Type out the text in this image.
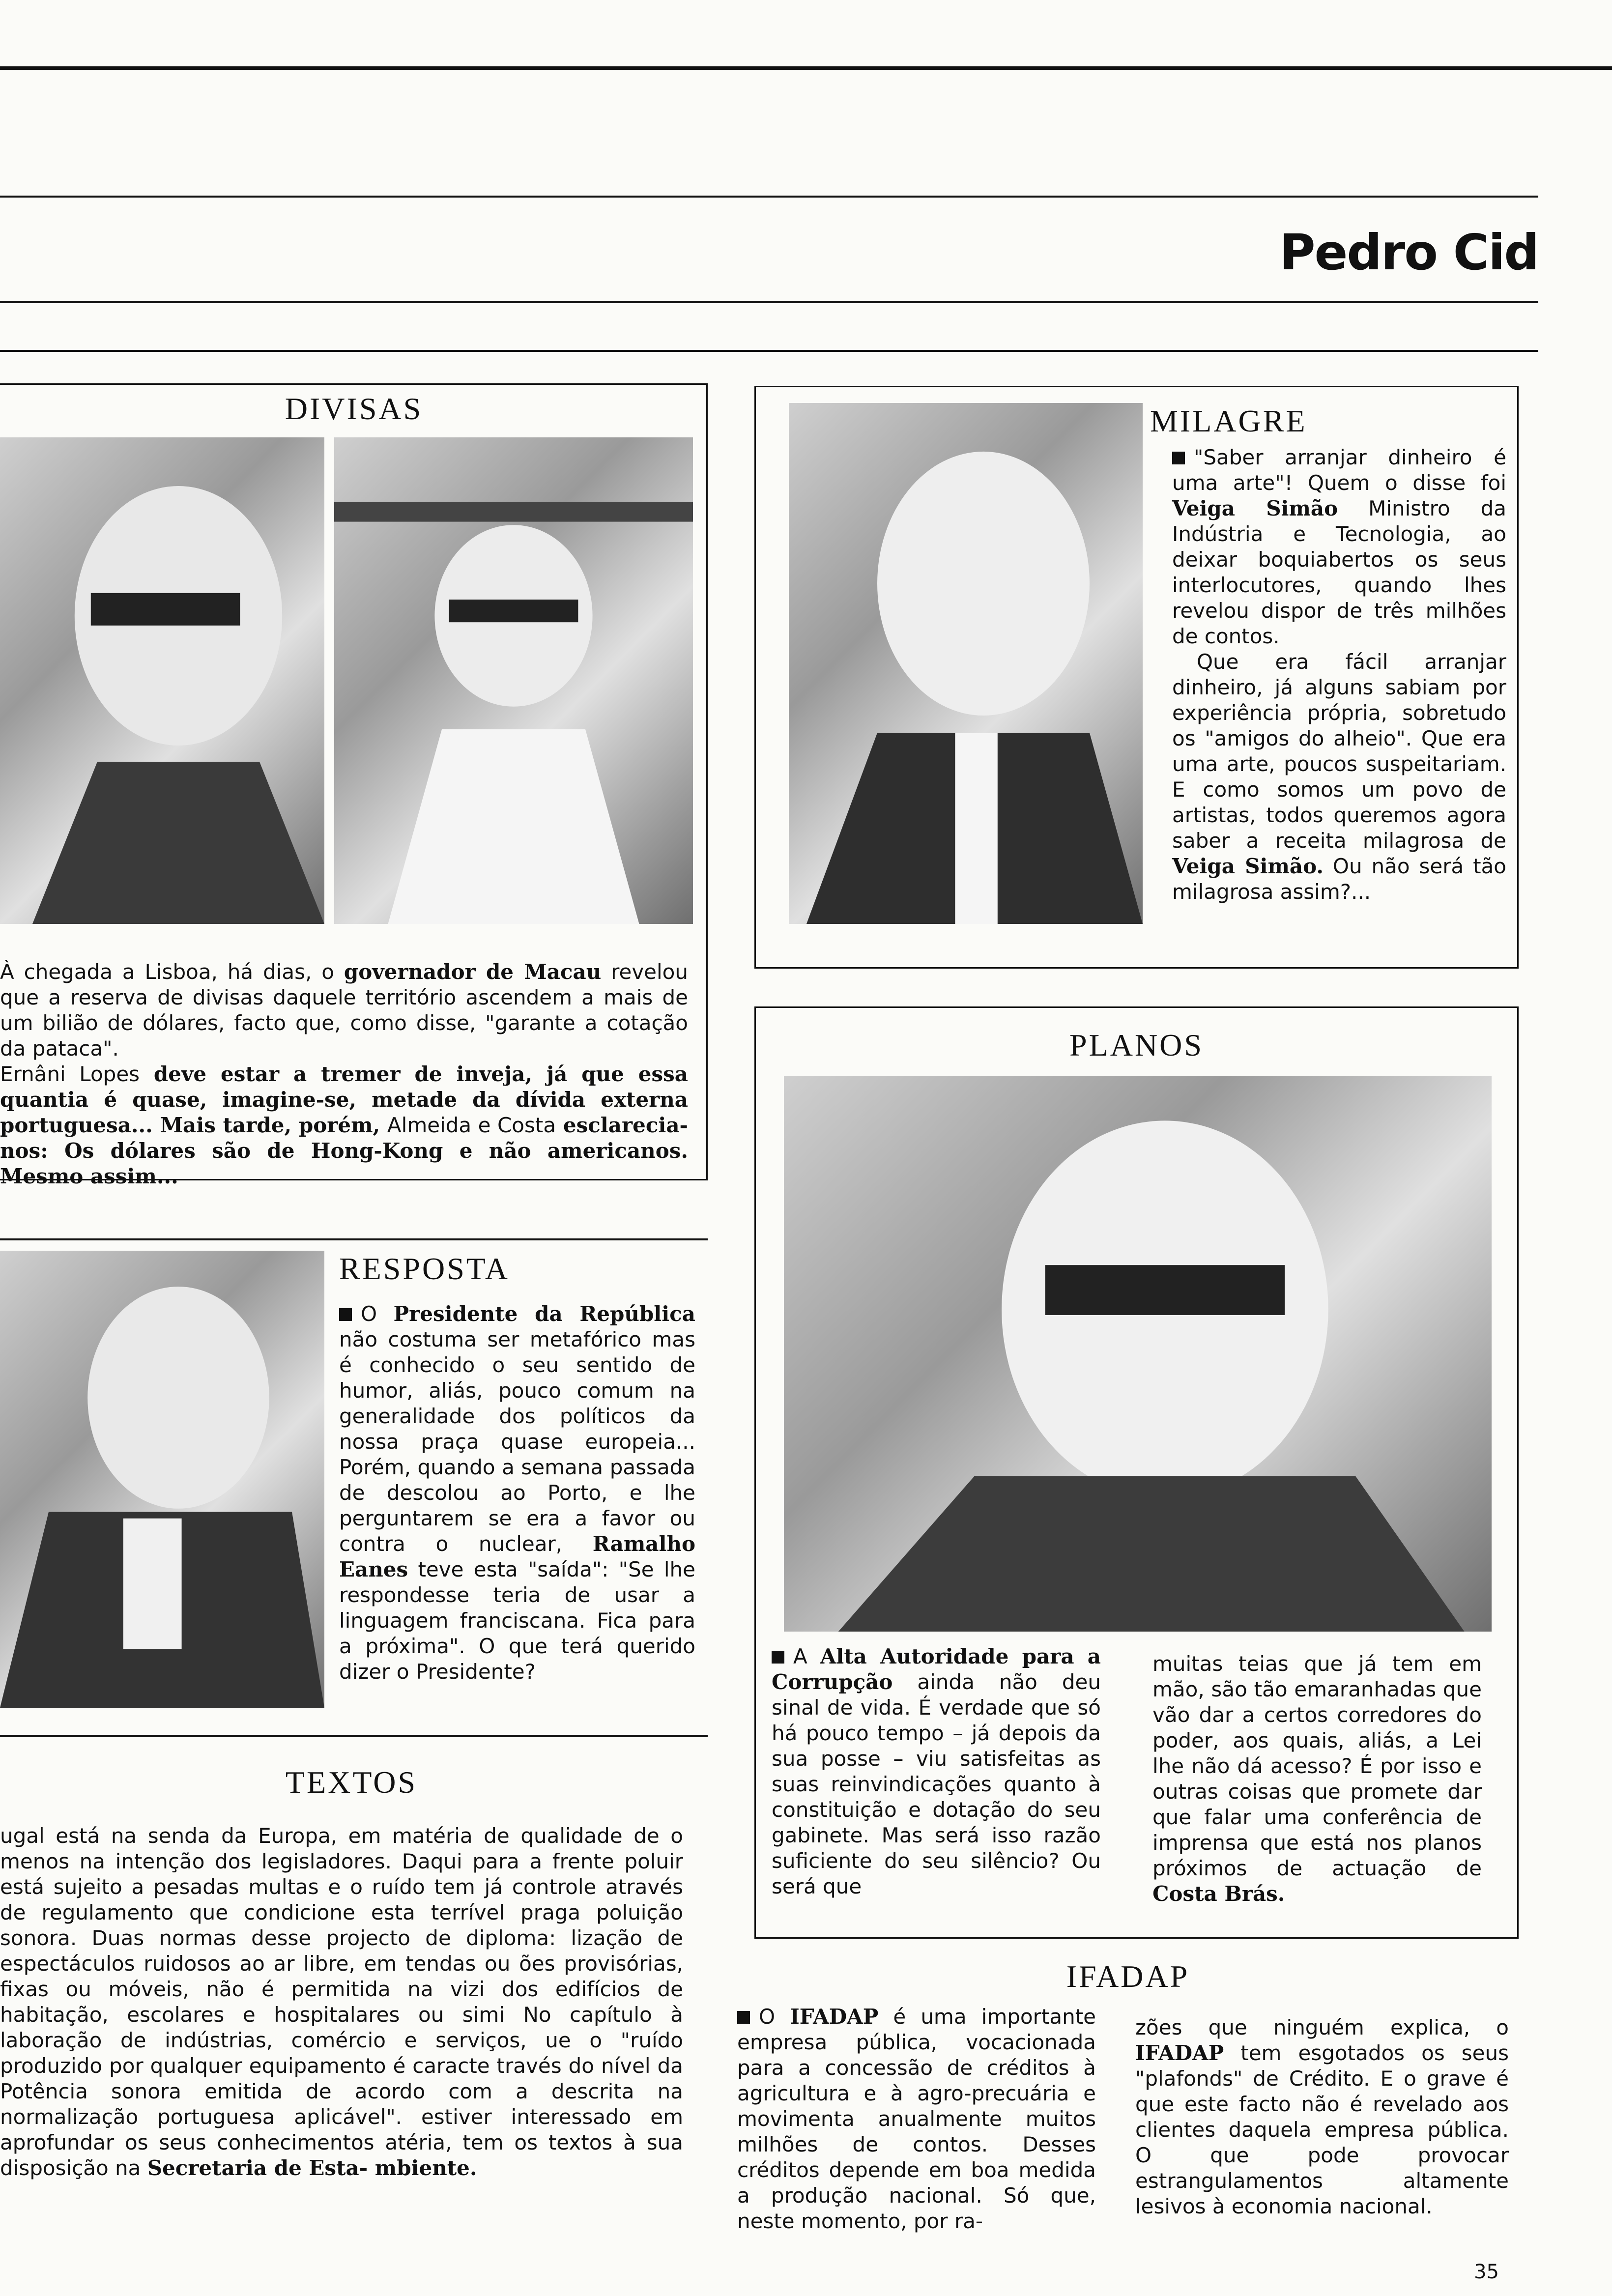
Pedro Cid
DIVISAS

À chegada a Lisboa, há dias, o governador de Macau revelou que a reserva de divisas daquele território ascendem a mais de um bilião de dólares, facto que, como disse, "garante a cotação da pataca".

Ernâni Lopes deve estar a tremer de inveja, já que essa quantia é quase, imagine-se, metade da dívida externa portuguesa... Mais tarde, porém, Almeida e Costa esclarecia-nos: Os dólares são de Hong-Kong e não americanos. Mesmo assim...

MILAGRE

"Saber arranjar dinheiro é uma arte"! Quem o disse foi Veiga Simão Ministro da Indústria e Tecnologia, ao deixar boquiabertos os seus interlocutores, quando lhes revelou dispor de três milhões de contos.

Que era fácil arranjar dinheiro, já alguns sabiam por experiência própria, sobretudo os "amigos do alheio". Que era uma arte, poucos suspeitariam. E como somos um povo de artistas, todos queremos agora saber a receita milagrosa de Veiga Simão. Ou não será tão milagrosa assim?...

PLANOS
A Alta Autoridade para a Corrupção ainda não deu sinal de vida. É verdade que só há pouco tempo – já depois da sua posse – viu satisfeitas as suas reinvindicações quanto à constituição e dotação do seu gabinete. Mas será isso razão suficiente do seu silêncio? Ou será que
muitas teias que já tem em mão, são tão emaranhadas que vão dar a certos corredores do poder, aos quais, aliás, a Lei lhe não dá acesso? É por isso e outras coisas que promete dar que falar uma conferência de imprensa que está nos planos próximos de actuação de Costa Brás.
RESPOSTA

O Presidente da República não costuma ser metafórico mas é conhecido o seu sentido de humor, aliás, pouco comum na generalidade dos políticos da nossa praça quase europeia... Porém, quando a semana passada de descolou ao Porto, e lhe perguntarem se era a favor ou contra o nuclear, Ramalho Eanes teve esta "saída": "Se lhe respondesse teria de usar a linguagem franciscana. Fica para a próxima". O que terá querido dizer o Presidente?

TEXTOS
ugal está na senda da Europa, em matéria de qualidade de o menos na intenção dos legisladores. Daqui para a frente poluir está sujeito a pesadas multas e o ruído tem já controle através de regulamento que condicione esta terrível praga poluição sonora. Duas normas desse projecto de diploma: lização de espectáculos ruidosos ao ar libre, em tendas ou ões provisórias, fixas ou móveis, não é permitida na vizi dos edifícios de habitação, escolares e hospitalares ou simi No capítulo à laboração de indústrias, comércio e serviços, ue o "ruído produzido por qualquer equipamento é caracte través do nível da Potência sonora emitida de acordo com a descrita na normalização portuguesa aplicável". estiver interessado em aprofundar os seus conhecimentos atéria, tem os textos à sua disposição na Secretaria de Esta- mbiente.
IFADAP
O IFADAP é uma importante empresa pública, vocacionada para a concessão de créditos à agricultura e à agro-precuária e movimenta anualmente muitos milhões de contos. Desses créditos depende em boa medida a produção nacional. Só que, neste momento, por ra-
zões que ninguém explica, o IFADAP tem esgotados os seus "plafonds" de Crédito. E o grave é que este facto não é revelado aos clientes daquela empresa pública. O que pode provocar estrangulamentos altamente lesivos à economia nacional.
35
